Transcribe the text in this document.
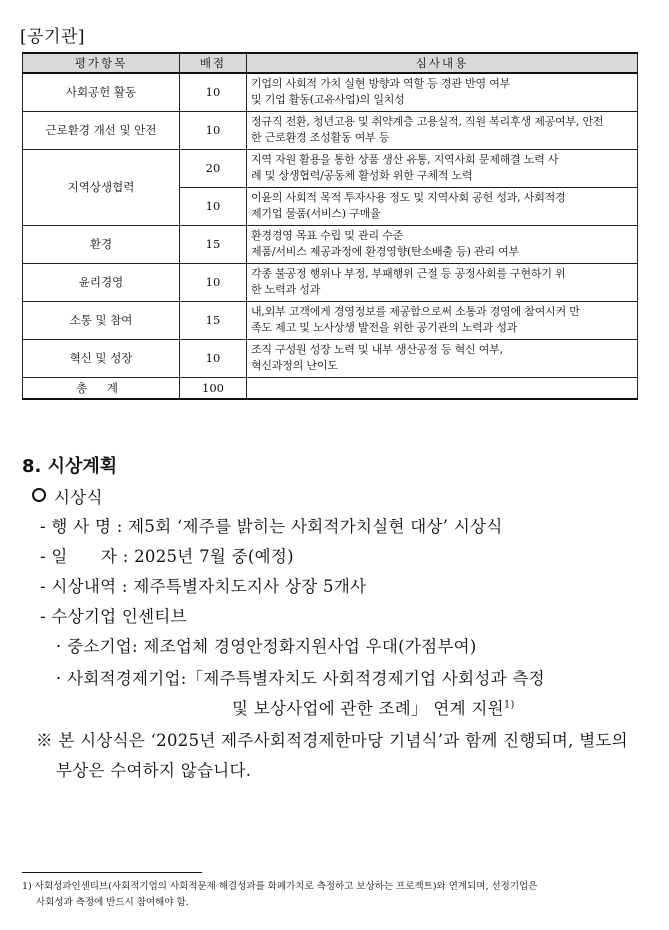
[공기관]
평가항목	배점	심사내용
사회공헌 활동	10	기업의 사회적 가치 실현 방향과 역할 등 경관 반영 여부
및 기업 활동(고유사업)의 일치성
근로환경 개선 및 안전	10	정규직 전환, 청년고용 및 취약계층 고용실적, 직원 복리후생 제공여부, 안전
한 근로환경 조성활동 여부 등
지역상생협력	20	지역 자원 활용을 통한 상품 생산 유통, 지역사회 문제해결 노력 사
례 및 상생협력/공동체 활성화 위한 구체적 노력
	10	이윤의 사회적 목적 투자사용 정도 및 지역사회 공헌 성과, 사회적경
제기업 물품(서비스) 구매율
환경	15	환경경영 목표 수립 및 관리 수준
제품/서비스 제공과정에 환경영향(탄소배출 등) 관리 여부
윤리경영	10	각종 불공정 행위나 부정, 부패행위 근절 등 공정사회를 구현하기 위
한 노력과 성과
소통 및 참여	15	내,외부 고객에게 경영정보를 제공함으로써 소통과 경영에 참여시켜 만
족도 제고 및 노사상생 발전을 위한 공기관의 노력과 성과
혁신 및 성장	10	조직 구성원 성장 노력 및 내부 생산공정 등 혁신 여부,
혁신과정의 난이도
총 계	100	
8. 시상계획
시상식
- 행 사 명 : 제5회 ‘제주를 밝히는 사회적가치실현 대상’ 시상식
- 일      자 : 2025년 7월 중(예정)
- 시상내역 : 제주특별자치도지사 상장 5개사
- 수상기업 인센티브
· 중소기업: 제조업체 경영안정화지원사업 우대(가점부여)
· 사회적경제기업:「제주특별자치도 사회적경제기업 사회성과 측정
및 보상사업에 관한 조례」 연계 지원$^{1)}$
※ 본 시상식은 ‘2025년 제주사회적경제한마당 기념식’과 함께 진행되며, 별도의
부상은 수여하지 않습니다.
1) 사회성과인센티브(사회적기업의 사회적문제 해결성과를 화폐가치로 측정하고 보상하는 프로젝트)와 연계되며, 선정기업은
사회성과 측정에 반드시 참여해야 함.
